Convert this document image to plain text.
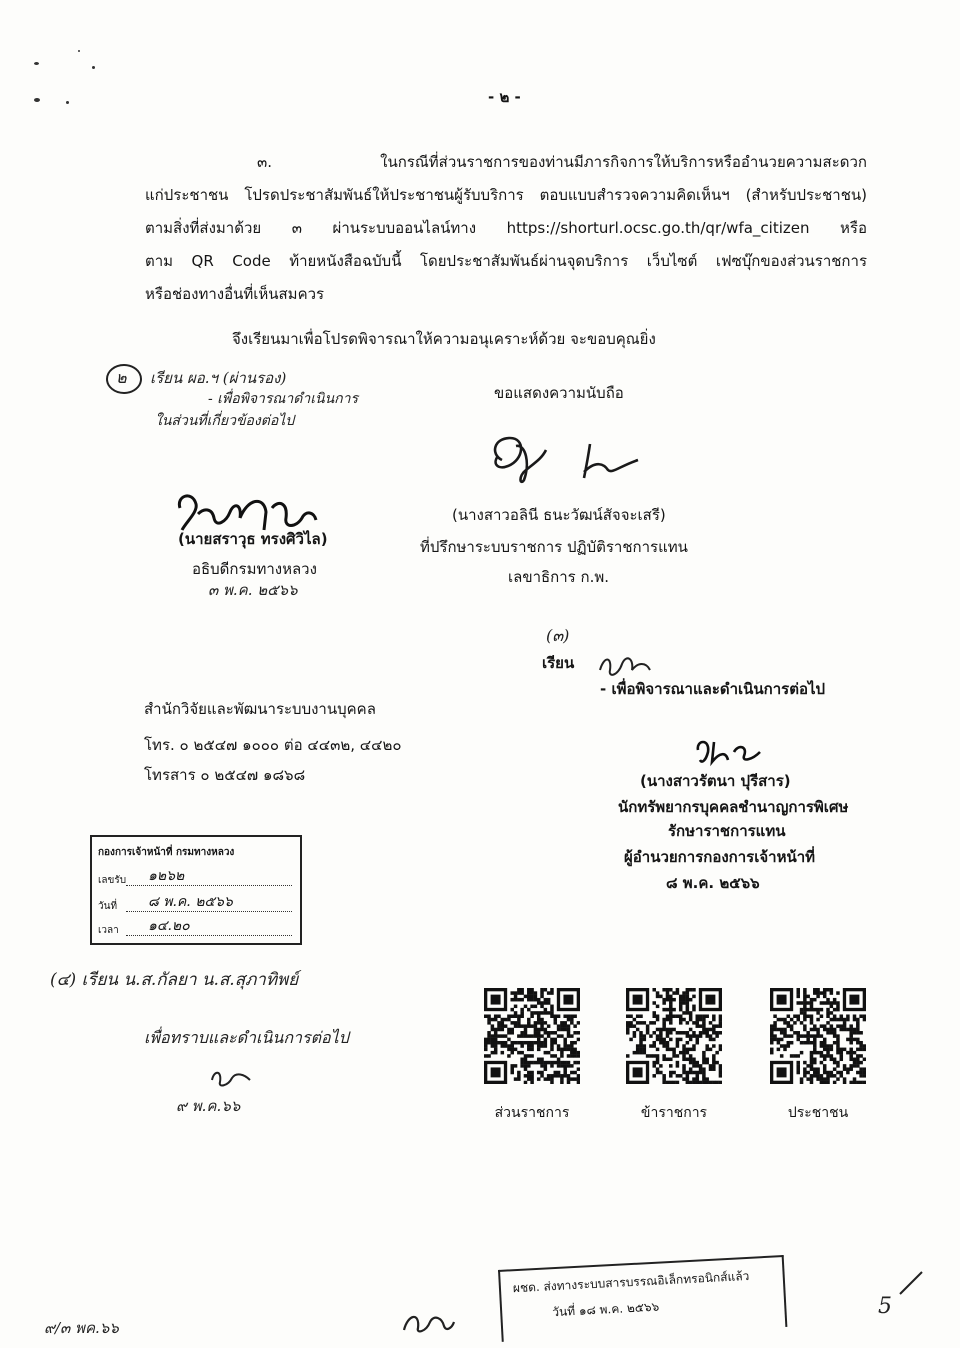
- ๒ -
๓. ในกรณีที่ส่วนราชการของท่านมีภารกิจการให้บริการหรืออำนวยความสะดวก
แก่ประชาชน โปรดประชาสัมพันธ์ให้ประชาชนผู้รับบริการ ตอบแบบสำรวจความคิดเห็นฯ (สำหรับประชาชน)
ตามสิ่งที่ส่งมาด้วย ๓ ผ่านระบบออนไลน์ทาง https://shorturl.ocsc.go.th/qr/wfa_citizen หรือ
ตาม QR Code ท้ายหนังสือฉบับนี้ โดยประชาสัมพันธ์ผ่านจุดบริการ เว็บไซต์ เฟซบุ๊กของส่วนราชการ
หรือช่องทางอื่นที่เห็นสมควร
จึงเรียนมาเพื่อโปรดพิจารณาให้ความอนุเคราะห์ด้วย จะขอบคุณยิ่ง
๒ เรียน ผอ.ฯ (ผ่านรอง)
- เพื่อพิจารณาดำเนินการ
ในส่วนที่เกี่ยวข้องต่อไป
ขอแสดงความนับถือ
(นางสาวอลินี ธนะวัฒน์สัจจะเสรี)
ที่ปรึกษาระบบราชการ ปฏิบัติราชการแทน
เลขาธิการ ก.พ.
(นายสราวุธ ทรงศิวิไล)
อธิบดีกรมทางหลวง
๓ พ.ค. ๒๕๖๖
(๓)
เรียน
- เพื่อพิจารณาและดำเนินการต่อไป
(นางสาวรัตนา ปุรีสาร)
นักทรัพยากรบุคคลชำนาญการพิเศษ
รักษาราชการแทน
ผู้อำนวยการกองการเจ้าหน้าที่
๘ พ.ค. ๒๕๖๖
สำนักวิจัยและพัฒนาระบบงานบุคคล
โทร. ๐ ๒๕๔๗ ๑๐๐๐ ต่อ ๔๔๓๒, ๔๔๒๐
โทรสาร ๐ ๒๕๔๗ ๑๘๖๘
กองการเจ้าหน้าที่ กรมทางหลวง
เลขรับ ๑๒๖๒
วันที่ ๘ พ.ค. ๒๕๖๖
เวลา ๑๔.๒๐
(๔) เรียน น.ส.กัลยา น.ส.สุภาทิพย์
เพื่อทราบและดำเนินการต่อไป
๙ พ.ค.๖๖	ส่วนราชการ	ข้าราชการ	ประชาชน
๙/๓ พค.๖๖
ผชด. ส่งทางระบบสารบรรณอิเล็กทรอนิกส์แล้ว
วันที่ ๑๘ พ.ค. ๒๕๖๖	5
